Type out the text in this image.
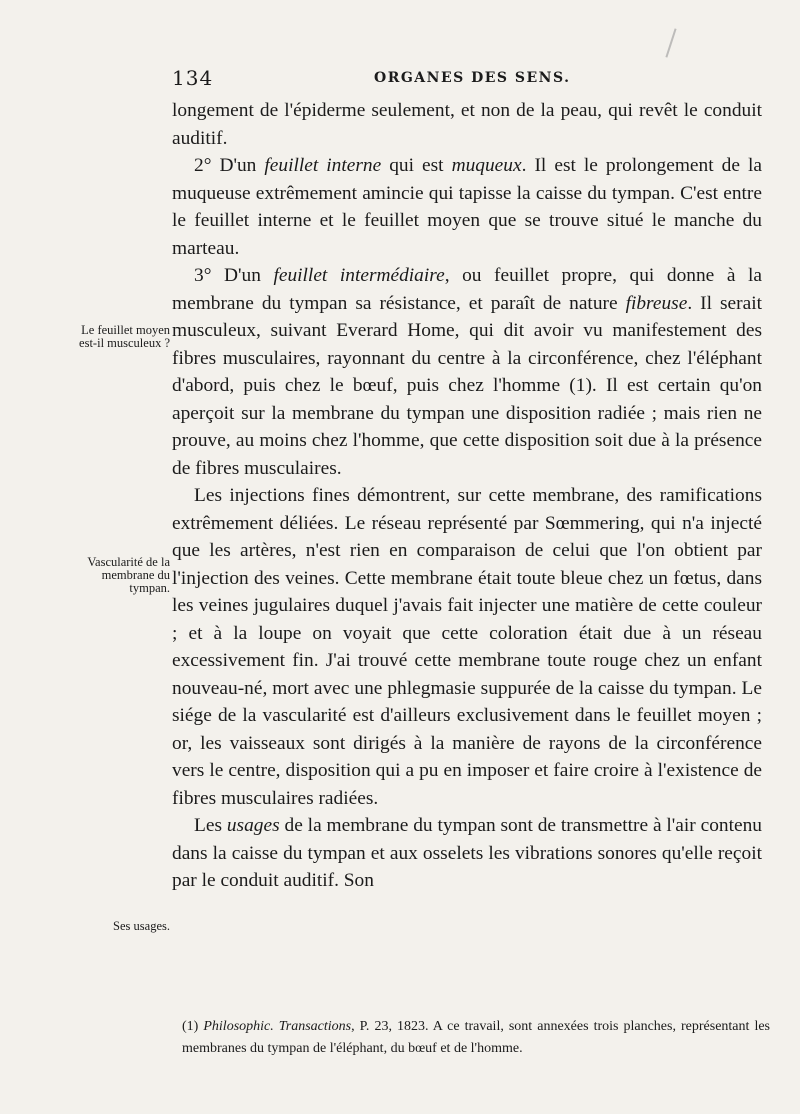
134	ORGANES DES SENS.
Le feuillet moyen est-il musculeux ?
Vascularité de la membrane du tympan.
Ses usages.

longement de l'épiderme seulement, et non de la peau, qui revêt le conduit auditif.

2° D'un feuillet interne qui est muqueux. Il est le prolongement de la muqueuse extrêmement amincie qui tapisse la caisse du tympan. C'est entre le feuillet interne et le feuillet moyen que se trouve situé le manche du marteau.

3° D'un feuillet intermédiaire, ou feuillet propre, qui donne à la membrane du tympan sa résistance, et paraît de nature fibreuse. Il serait musculeux, suivant Everard Home, qui dit avoir vu manifestement des fibres musculaires, rayonnant du centre à la circonférence, chez l'éléphant d'abord, puis chez le bœuf, puis chez l'homme (1). Il est certain qu'on aperçoit sur la membrane du tympan une disposition radiée ; mais rien ne prouve, au moins chez l'homme, que cette disposition soit due à la présence de fibres musculaires.

Les injections fines démontrent, sur cette membrane, des ramifications extrêmement déliées. Le réseau représenté par Sœmmering, qui n'a injecté que les artères, n'est rien en comparaison de celui que l'on obtient par l'injection des veines. Cette membrane était toute bleue chez un fœtus, dans les veines jugulaires duquel j'avais fait injecter une matière de cette couleur ; et à la loupe on voyait que cette coloration était due à un réseau excessivement fin. J'ai trouvé cette membrane toute rouge chez un enfant nouveau-né, mort avec une phlegmasie suppurée de la caisse du tympan. Le siége de la vascularité est d'ailleurs exclusivement dans le feuillet moyen ; or, les vaisseaux sont dirigés à la manière de rayons de la circonférence vers le centre, disposition qui a pu en imposer et faire croire à l'existence de fibres musculaires radiées.

Les usages de la membrane du tympan sont de transmettre à l'air contenu dans la caisse du tympan et aux osselets les vibrations sonores qu'elle reçoit par le conduit auditif. Son

(1) Philosophic. Transactions, P. 23, 1823. A ce travail, sont annexées trois planches, représentant les membranes du tympan de l'éléphant, du bœuf et de l'homme.
